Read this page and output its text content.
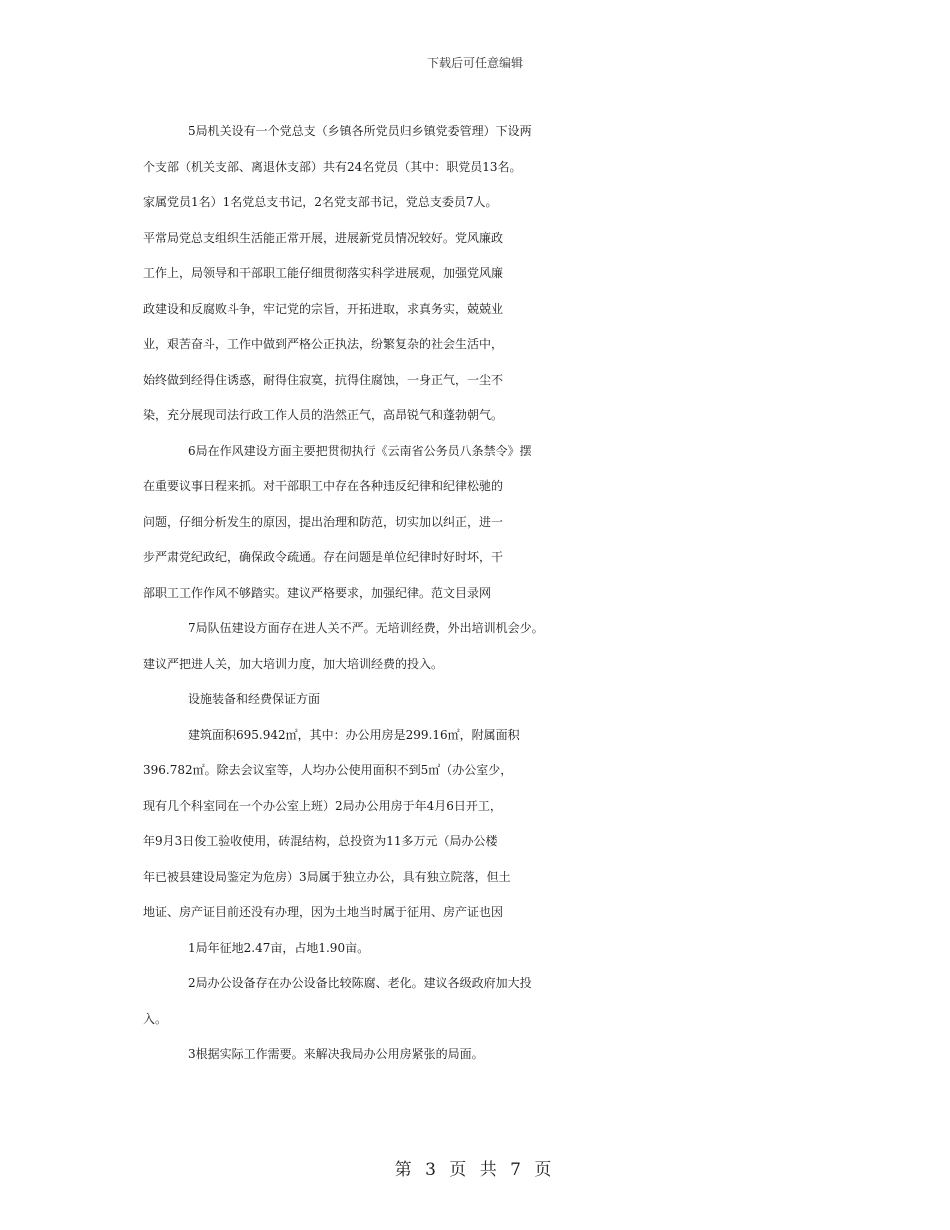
下载后可任意编辑
5局机关设有一个党总支（乡镇各所党员归乡镇党委管理）下设两
个支部（机关支部、离退休支部）共有24名党员（其中：职党员13名。
家属党员1名）1名党总支书记，2名党支部书记，党总支委员7人。
平常局党总支组织生活能正常开展，进展新党员情况较好。党风廉政
工作上，局领导和干部职工能仔细贯彻落实科学进展观，加强党风廉
政建设和反腐败斗争，牢记党的宗旨，开拓进取，求真务实，兢兢业
业，艰苦奋斗，工作中做到严格公正执法，纷繁复杂的社会生活中，
始终做到经得住诱惑，耐得住寂寞，抗得住腐蚀，一身正气，一尘不
染，充分展现司法行政工作人员的浩然正气，高昂锐气和蓬勃朝气。
6局在作风建设方面主要把贯彻执行《云南省公务员八条禁令》摆
在重要议事日程来抓。对干部职工中存在各种违反纪律和纪律松驰的
问题，仔细分析发生的原因，提出治理和防范，切实加以纠正，进一
步严肃党纪政纪，确保政令疏通。存在问题是单位纪律时好时坏，干
部职工工作作风不够踏实。建议严格要求，加强纪律。范文目录网
7局队伍建设方面存在进人关不严。无培训经费，外出培训机会少。
建议严把进人关，加大培训力度，加大培训经费的投入。
设施装备和经费保证方面
建筑面积695.942㎡，其中：办公用房是299.16㎡，附属面积
396.782㎡。除去会议室等，人均办公使用面积不到5㎡（办公室少，
现有几个科室同在一个办公室上班）2局办公用房于年4月6日开工，
年9月3日俊工验收使用，砖混结构，总投资为11多万元（局办公楼
年已被县建设局鉴定为危房）3局属于独立办公，具有独立院落，但土
地证、房产证目前还没有办理，因为土地当时属于征用、房产证也因
1局年征地2.47亩，占地1.90亩。
2局办公设备存在办公设备比较陈腐、老化。建议各级政府加大投
入。
3根据实际工作需要。来解决我局办公用房紧张的局面。
第 3 页 共 7 页
